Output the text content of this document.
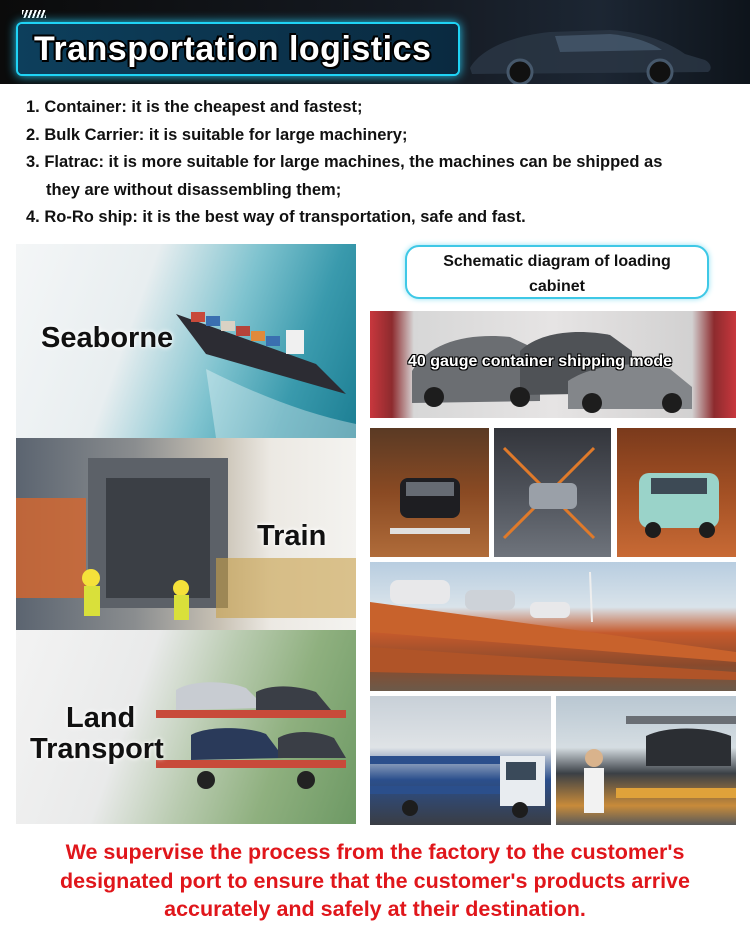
Transportation logistics
1. Container: it is the cheapest and fastest;
2. Bulk Carrier: it is suitable for large machinery;
3. Flatrac: it is more suitable for large machines, the machines can be shipped as
they are without disassembling them;
4. Ro-Ro ship: it is the best way of transportation, safe and fast.
Seaborne
Train
Land
Transport
Schematic diagram of loading
cabinet
40 gauge container shipping mode
We supervise the process from the factory to the customer's
designated port to ensure that the customer's products arrive
accurately and safely at their destination.
